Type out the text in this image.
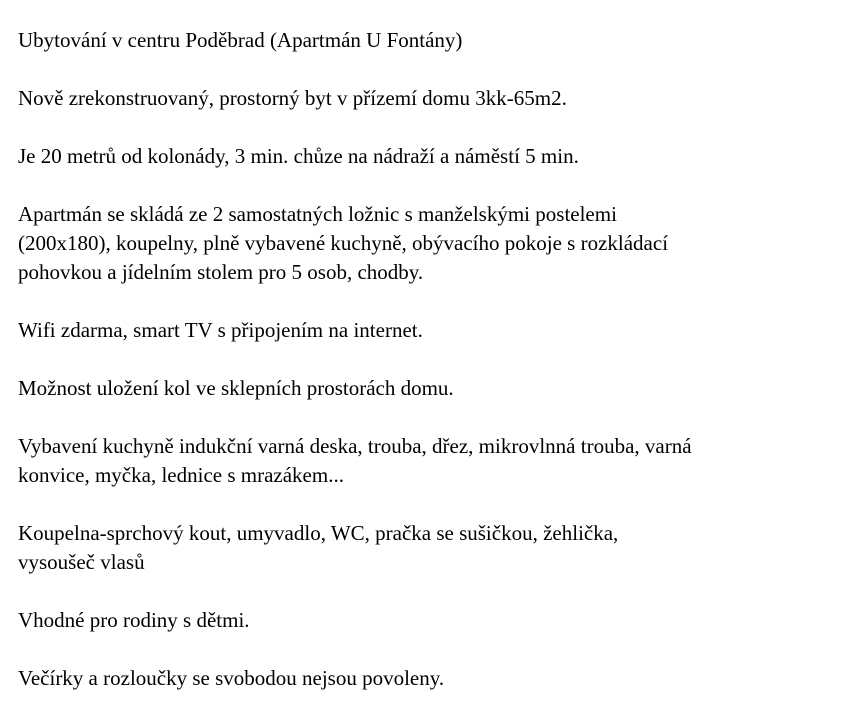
Ubytování v centru Poděbrad (Apartmán U Fontány)

Nově zrekonstruovaný, prostorný byt v přízemí domu 3kk-65m2.

Je 20 metrů od kolonády, 3 min. chůze na nádraží a náměstí 5 min.

Apartmán se skládá ze 2 samostatných ložnic s manželskými postelemi
(200x180), koupelny, plně vybavené kuchyně, obývacího pokoje s rozkládací
pohovkou a jídelním stolem pro 5 osob, chodby.

Wifi zdarma, smart TV s připojením na internet.

Možnost uložení kol ve sklepních prostorách domu.

Vybavení kuchyně indukční varná deska, trouba, dřez, mikrovlnná trouba, varná
konvice, myčka, lednice s mrazákem...

Koupelna-sprchový kout, umyvadlo, WC, pračka se sušičkou, žehlička,
vysoušeč vlasů

Vhodné pro rodiny s dětmi.

Večírky a rozloučky se svobodou nejsou povoleny.
